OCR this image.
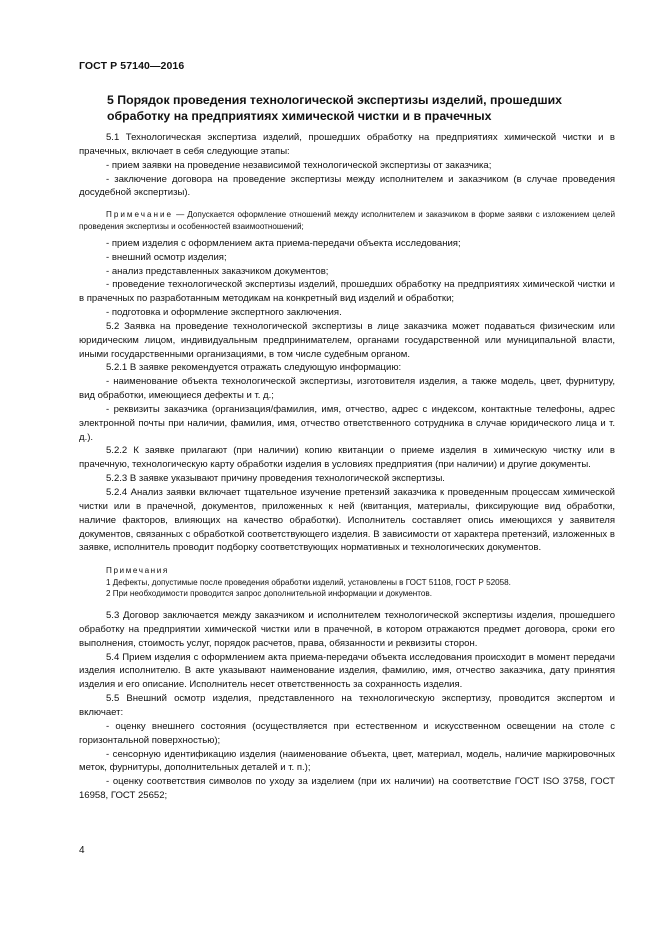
ГОСТ Р 57140—2016
5 Порядок проведения технологической экспертизы изделий, прошедших обработку на предприятиях химической чистки и в прачечных

5.1 Технологическая экспертиза изделий, прошедших обработку на предприятиях химической чистки и в прачечных, включает в себя следующие этапы:

- прием заявки на проведение независимой технологической экспертизы от заказчика;

- заключение договора на проведение экспертизы между исполнителем и заказчиком (в случае проведения досудебной экспертизы).

Примечание — Допускается оформление отношений между исполнителем и заказчиком в форме заявки с изложением целей проведения экспертизы и особенностей взаимоотношений;

- прием изделия с оформлением акта приема-передачи объекта исследования;

- внешний осмотр изделия;

- анализ представленных заказчиком документов;

- проведение технологической экспертизы изделий, прошедших обработку на предприятиях химической чистки и в прачечных по разработанным методикам на конкретный вид изделий и обработки;

- подготовка и оформление экспертного заключения.

5.2 Заявка на проведение технологической экспертизы в лице заказчика может подаваться физическим или юридическим лицом, индивидуальным предпринимателем, органами государственной или муниципальной власти, иными государственными организациями, в том числе судебным органом.

5.2.1 В заявке рекомендуется отражать следующую информацию:

- наименование объекта технологической экспертизы, изготовителя изделия, а также модель, цвет, фурнитуру, вид обработки, имеющиеся дефекты и т. д.;

- реквизиты заказчика (организация/фамилия, имя, отчество, адрес с индексом, контактные телефоны, адрес электронной почты при наличии, фамилия, имя, отчество ответственного сотрудника в случае юридического лица и т. д.).

5.2.2 К заявке прилагают (при наличии) копию квитанции о приеме изделия в химическую чистку или в прачечную, технологическую карту обработки изделия в условиях предприятия (при наличии) и другие документы.

5.2.3 В заявке указывают причину проведения технологической экспертизы.

5.2.4 Анализ заявки включает тщательное изучение претензий заказчика к проведенным процессам химической чистки или в прачечной, документов, приложенных к ней (квитанция, материалы, фиксирующие вид обработки, наличие факторов, влияющих на качество обработки). Исполнитель составляет опись имеющихся у заявителя документов, связанных с обработкой соответствующего изделия. В зависимости от характера претензий, изложенных в заявке, исполнитель проводит подборку соответствующих нормативных и технологических документов.

Примечания

1 Дефекты, допустимые после проведения обработки изделий, установлены в ГОСТ 51108, ГОСТ Р 52058.

2 При необходимости проводится запрос дополнительной информации и документов.

5.3 Договор заключается между заказчиком и исполнителем технологической экспертизы изделия, прошедшего обработку на предприятии химической чистки или в прачечной, в котором отражаются предмет договора, сроки его выполнения, стоимость услуг, порядок расчетов, права, обязанности и реквизиты сторон.

5.4 Прием изделия с оформлением акта приема-передачи объекта исследования происходит в момент передачи изделия исполнителю. В акте указывают наименование изделия, фамилию, имя, отчество заказчика, дату принятия изделия и его описание. Исполнитель несет ответственность за сохранность изделия.

5.5 Внешний осмотр изделия, представленного на технологическую экспертизу, проводится экспертом и включает:

- оценку внешнего состояния (осуществляется при естественном и искусственном освещении на столе с горизонтальной поверхностью);

- сенсорную идентификацию изделия (наименование объекта, цвет, материал, модель, наличие маркировочных меток, фурнитуры, дополнительных деталей и т. п.);

- оценку соответствия символов по уходу за изделием (при их наличии) на соответствие ГОСТ ISO 3758, ГОСТ 16958, ГОСТ 25652;

4
